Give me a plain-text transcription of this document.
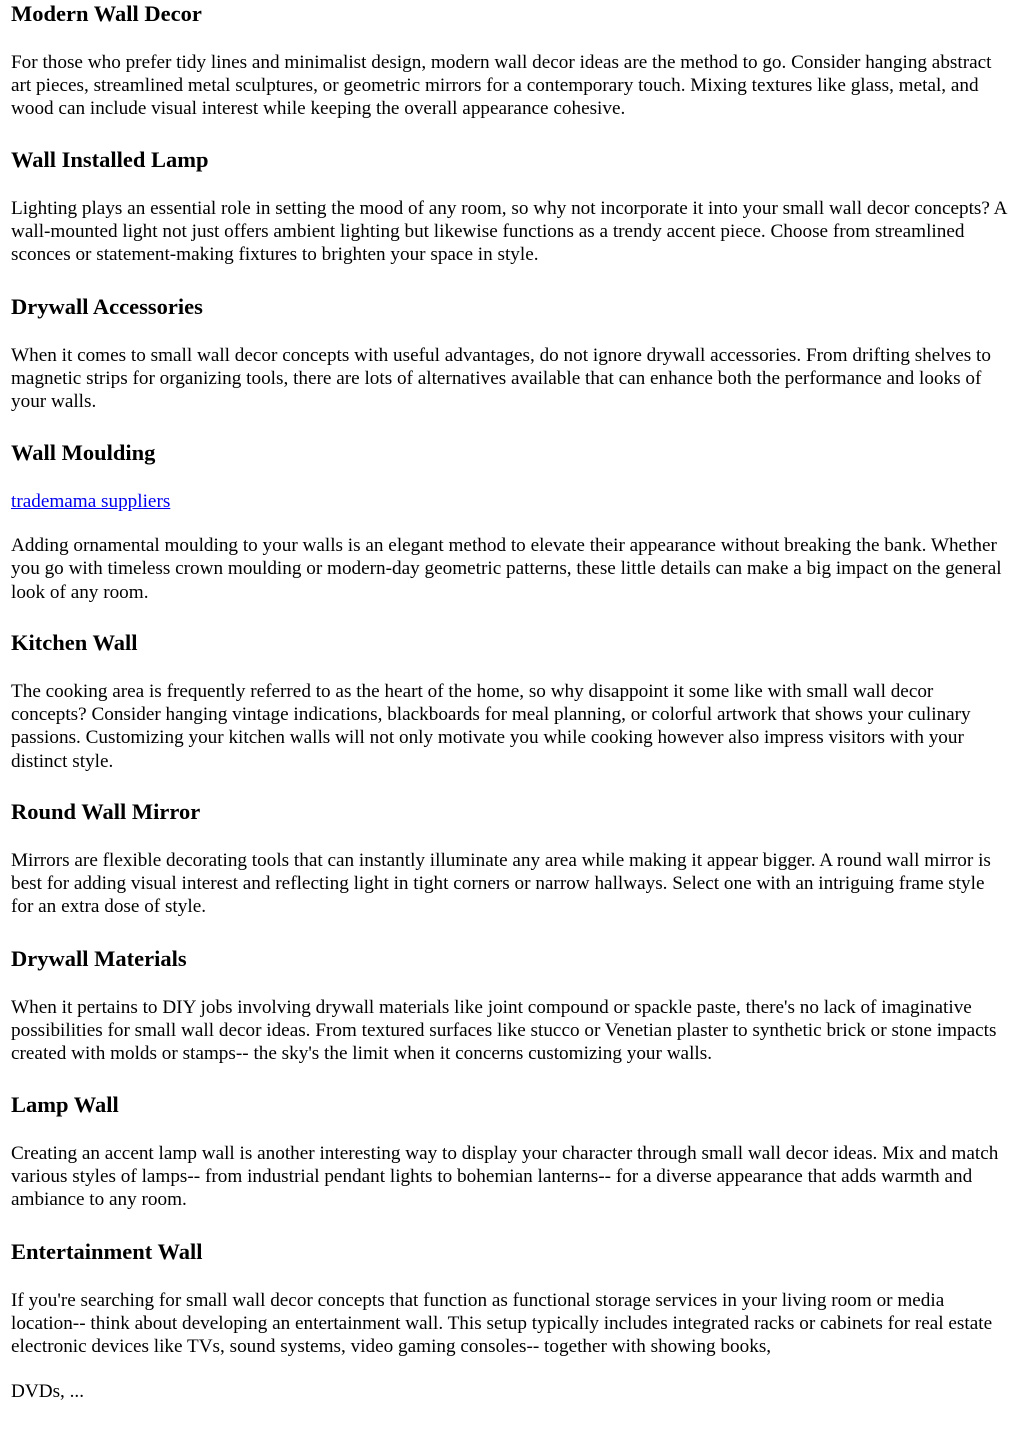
Modern Wall Decor

For those who prefer tidy lines and minimalist design, modern wall decor ideas are the method to go. Consider hanging abstract art pieces, streamlined metal sculptures, or geometric mirrors for a contemporary touch. Mixing textures like glass, metal, and wood can include visual interest while keeping the overall appearance cohesive.

Wall Installed Lamp

Lighting plays an essential role in setting the mood of any room, so why not incorporate it into your small wall decor concepts? A wall-mounted light not just offers ambient lighting but likewise functions as a trendy accent piece. Choose from streamlined sconces or statement-making fixtures to brighten your space in style.

Drywall Accessories

When it comes to small wall decor concepts with useful advantages, do not ignore drywall accessories. From drifting shelves to magnetic strips for organizing tools, there are lots of alternatives available that can enhance both the performance and looks of your walls.

Wall Moulding

trademama suppliers

Adding ornamental moulding to your walls is an elegant method to elevate their appearance without breaking the bank. Whether you go with timeless crown moulding or modern-day geometric patterns, these little details can make a big impact on the general look of any room.

Kitchen Wall

The cooking area is frequently referred to as the heart of the home, so why disappoint it some like with small wall decor concepts? Consider hanging vintage indications, blackboards for meal planning, or colorful artwork that shows your culinary passions. Customizing your kitchen walls will not only motivate you while cooking however also impress visitors with your distinct style.

Round Wall Mirror

Mirrors are flexible decorating tools that can instantly illuminate any area while making it appear bigger. A round wall mirror is best for adding visual interest and reflecting light in tight corners or narrow hallways. Select one with an intriguing frame style for an extra dose of style.

Drywall Materials

When it pertains to DIY jobs involving drywall materials like joint compound or spackle paste, there's no lack of imaginative possibilities for small wall decor ideas. From textured surfaces like stucco or Venetian plaster to synthetic brick or stone impacts created with molds or stamps-- the sky's the limit when it concerns customizing your walls.

Lamp Wall

Creating an accent lamp wall is another interesting way to display your character through small wall decor ideas. Mix and match various styles of lamps-- from industrial pendant lights to bohemian lanterns-- for a diverse appearance that adds warmth and ambiance to any room.

Entertainment Wall

If you're searching for small wall decor concepts that function as functional storage services in your living room or media location-- think about developing an entertainment wall. This setup typically includes integrated racks or cabinets for real estate electronic devices like TVs, sound systems, video gaming consoles-- together with showing books,

DVDs, ...
